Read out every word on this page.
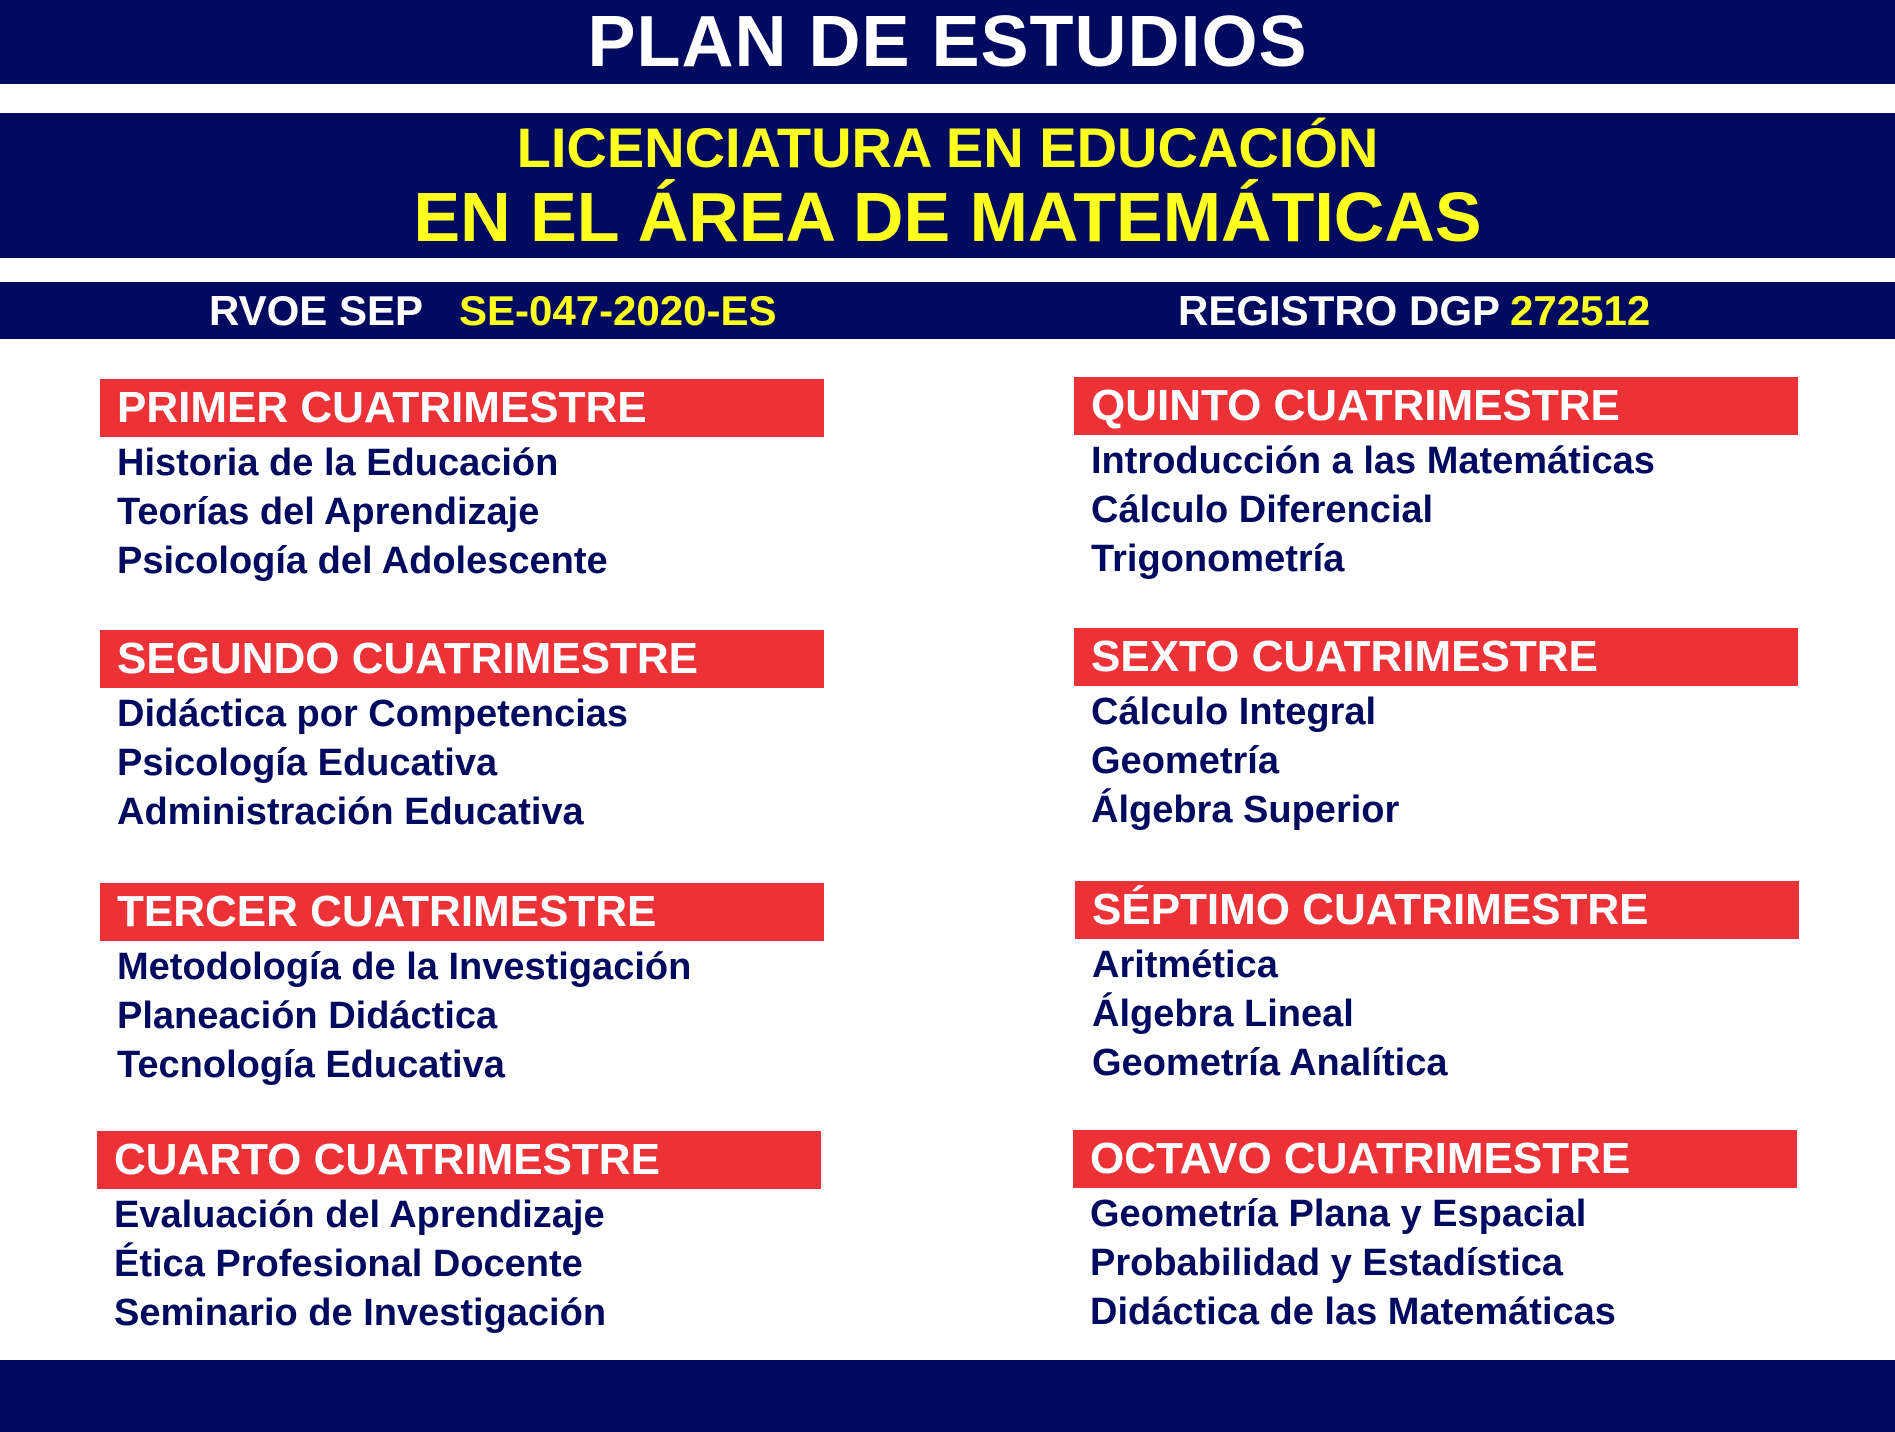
PLAN DE ESTUDIOS
LICENCIATURA EN EDUCACIÓN
EN EL ÁREA DE MATEMÁTICAS
RVOE SEP SE-047-2020-ES	REGISTRO DGP 272512
PRIMER CUATRIMESTRE
Historia de la Educación
Teorías del Aprendizaje
Psicología del Adolescente
SEGUNDO CUATRIMESTRE
Didáctica por Competencias
Psicología Educativa
Administración Educativa
TERCER CUATRIMESTRE
Metodología de la Investigación
Planeación Didáctica
Tecnología Educativa
CUARTO CUATRIMESTRE
Evaluación del Aprendizaje
Ética Profesional Docente
Seminario de Investigación
QUINTO CUATRIMESTRE
Introducción a las Matemáticas
Cálculo Diferencial
Trigonometría
SEXTO CUATRIMESTRE
Cálculo Integral
Geometría
Álgebra Superior
SÉPTIMO CUATRIMESTRE
Aritmética
Álgebra Lineal
Geometría Analítica
OCTAVO CUATRIMESTRE
Geometría Plana y Espacial
Probabilidad y Estadística
Didáctica de las Matemáticas
